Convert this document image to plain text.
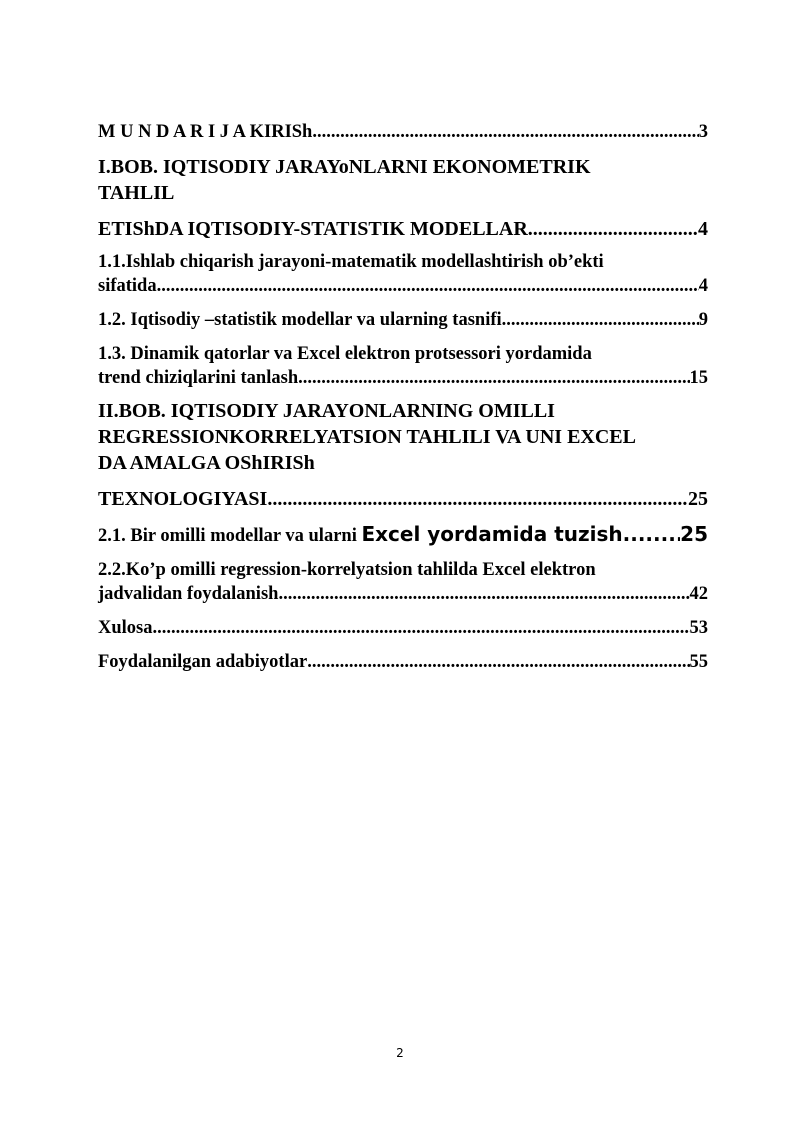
M U N D A R I J A KIRISh .....	3
I.BOB. IQTISODIY JARAYoNLARNI EKONOMETRIK
TAHLIL
ETIShDA IQTISODIY-STATISTIK MODELLAR .....	4
1.1.Ishlab chiqarish jarayoni-matematik modellashtirish ob’ekti
sifatida .....	4
1.2. Iqtisodiy –statistik modellar va ularning tasnifi .....	9
1.3. Dinamik qatorlar va Excel elektron protsessori yordamida
trend chiziqlarini tanlash .....	15
II.BOB. IQTISODIY JARAYONLARNING OMILLI
REGRESSIONKORRELYATSION TAHLILI VA UNI EXCEL
DA AMALGA OShIRISh
TEXNOLOGIYASI .....	25
2.1. Bir omilli modellar va ularni Excel yordamida tuzish .....	25
2.2.Ko’p omilli regression-korrelyatsion tahlilda Excel elektron
jadvalidan foydalanish .....	42
Xulosa .....	53
Foydalanilgan adabiyotlar .....	55
2
